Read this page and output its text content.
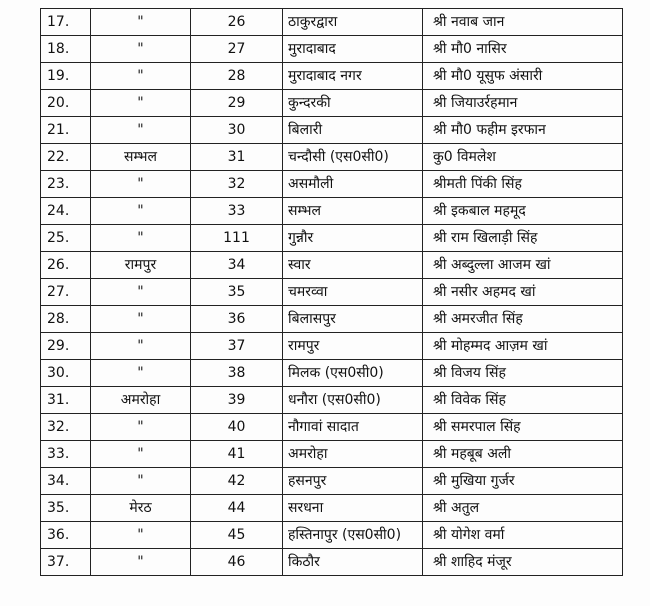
17.	"	26	ठाकुरद्वारा	श्री नवाब जान
18.	"	27	मुरादाबाद	श्री मौ0 नासिर
19.	"	28	मुरादाबाद नगर	श्री मौ0 यूसुफ अंसारी
20.	"	29	कुन्दरकी	श्री जियाउर्रहमान
21.	"	30	बिलारी	श्री मौ0 फहीम इरफान
22.	सम्भल	31	चन्दौसी (एस0सी0)	कु0 विमलेश
23.	"	32	असमौली	श्रीमती पिंकी सिंह
24.	"	33	सम्भल	श्री इकबाल महमूद
25.	"	111	गुन्नौर	श्री राम खिलाड़ी सिंह
26.	रामपुर	34	स्वार	श्री अब्दुल्ला आजम खां
27.	"	35	चमरव्वा	श्री नसीर अहमद खां
28.	"	36	बिलासपुर	श्री अमरजीत सिंह
29.	"	37	रामपुर	श्री मोहम्मद आज़म खां
30.	"	38	मिलक (एस0सी0)	श्री विजय सिंह
31.	अमरोहा	39	धनौरा (एस0सी0)	श्री विवेक सिंह
32.	"	40	नौगावां सादात	श्री समरपाल सिंह
33.	"	41	अमरोहा	श्री महबूब अली
34.	"	42	हसनपुर	श्री मुखिया गुर्जर
35.	मेरठ	44	सरधना	श्री अतुल
36.	"	45	हस्तिनापुर (एस0सी0)	श्री योगेश वर्मा
37.	"	46	किठौर	श्री शाहिद मंजूर
